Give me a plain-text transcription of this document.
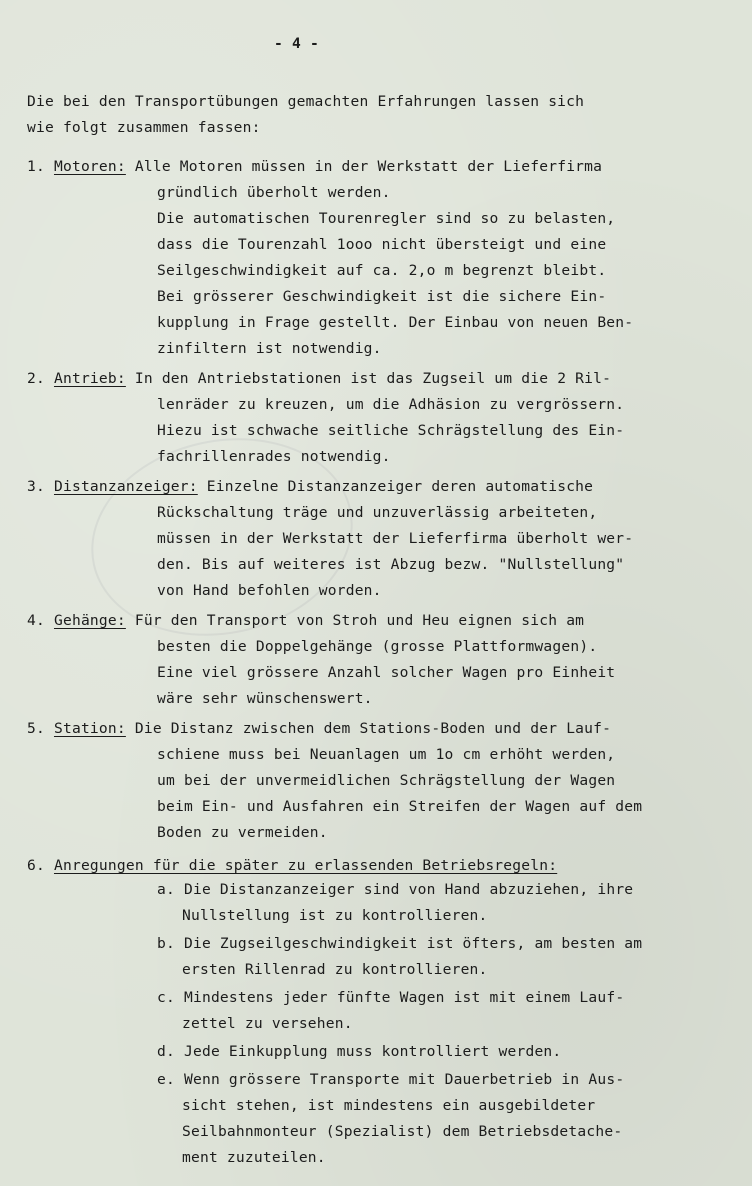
- 4 -
Die bei den Transportübungen gemachten Erfahrungen lassen sich
wie folgt zusammen fassen:
1. Motoren: Alle Motoren müssen in der Werkstatt der Lieferfirma
gründlich überholt werden.
Die automatischen Tourenregler sind so zu belasten,
dass die Tourenzahl 1ooo nicht übersteigt und eine
Seilgeschwindigkeit auf ca. 2,o m begrenzt bleibt.
Bei grösserer Geschwindigkeit ist die sichere Ein-
kupplung in Frage gestellt. Der Einbau von neuen Ben-
zinfiltern ist notwendig.
2. Antrieb: In den Antriebstationen ist das Zugseil um die 2 Ril-
lenräder zu kreuzen, um die Adhäsion zu vergrössern.
Hiezu ist schwache seitliche Schrägstellung des Ein-
fachrillenrades notwendig.
3. Distanzanzeiger: Einzelne Distanzanzeiger deren automatische
Rückschaltung träge und unzuverlässig arbeiteten,
müssen in der Werkstatt der Lieferfirma überholt wer-
den. Bis auf weiteres ist Abzug bezw. "Nullstellung"
von Hand befohlen worden.
4. Gehänge: Für den Transport von Stroh und Heu eignen sich am
besten die Doppelgehänge (grosse Plattformwagen).
Eine viel grössere Anzahl solcher Wagen pro Einheit
wäre sehr wünschenswert.
5. Station: Die Distanz zwischen dem Stations-Boden und der Lauf-
schiene muss bei Neuanlagen um 1o cm erhöht werden,
um bei der unvermeidlichen Schrägstellung der Wagen
beim Ein- und Ausfahren ein Streifen der Wagen auf dem
Boden zu vermeiden.
6. Anregungen für die später zu erlassenden Betriebsregeln:
a. Die Distanzanzeiger sind von Hand abzuziehen, ihre
Nullstellung ist zu kontrollieren.
b. Die Zugseilgeschwindigkeit ist öfters, am besten am
ersten Rillenrad zu kontrollieren.
c. Mindestens jeder fünfte Wagen ist mit einem Lauf-
zettel zu versehen.
d. Jede Einkupplung muss kontrolliert werden.
e. Wenn grössere Transporte mit Dauerbetrieb in Aus-
sicht stehen, ist mindestens ein ausgebildeter
Seilbahnmonteur (Spezialist) dem Betriebsdetache-
ment zuzuteilen.
